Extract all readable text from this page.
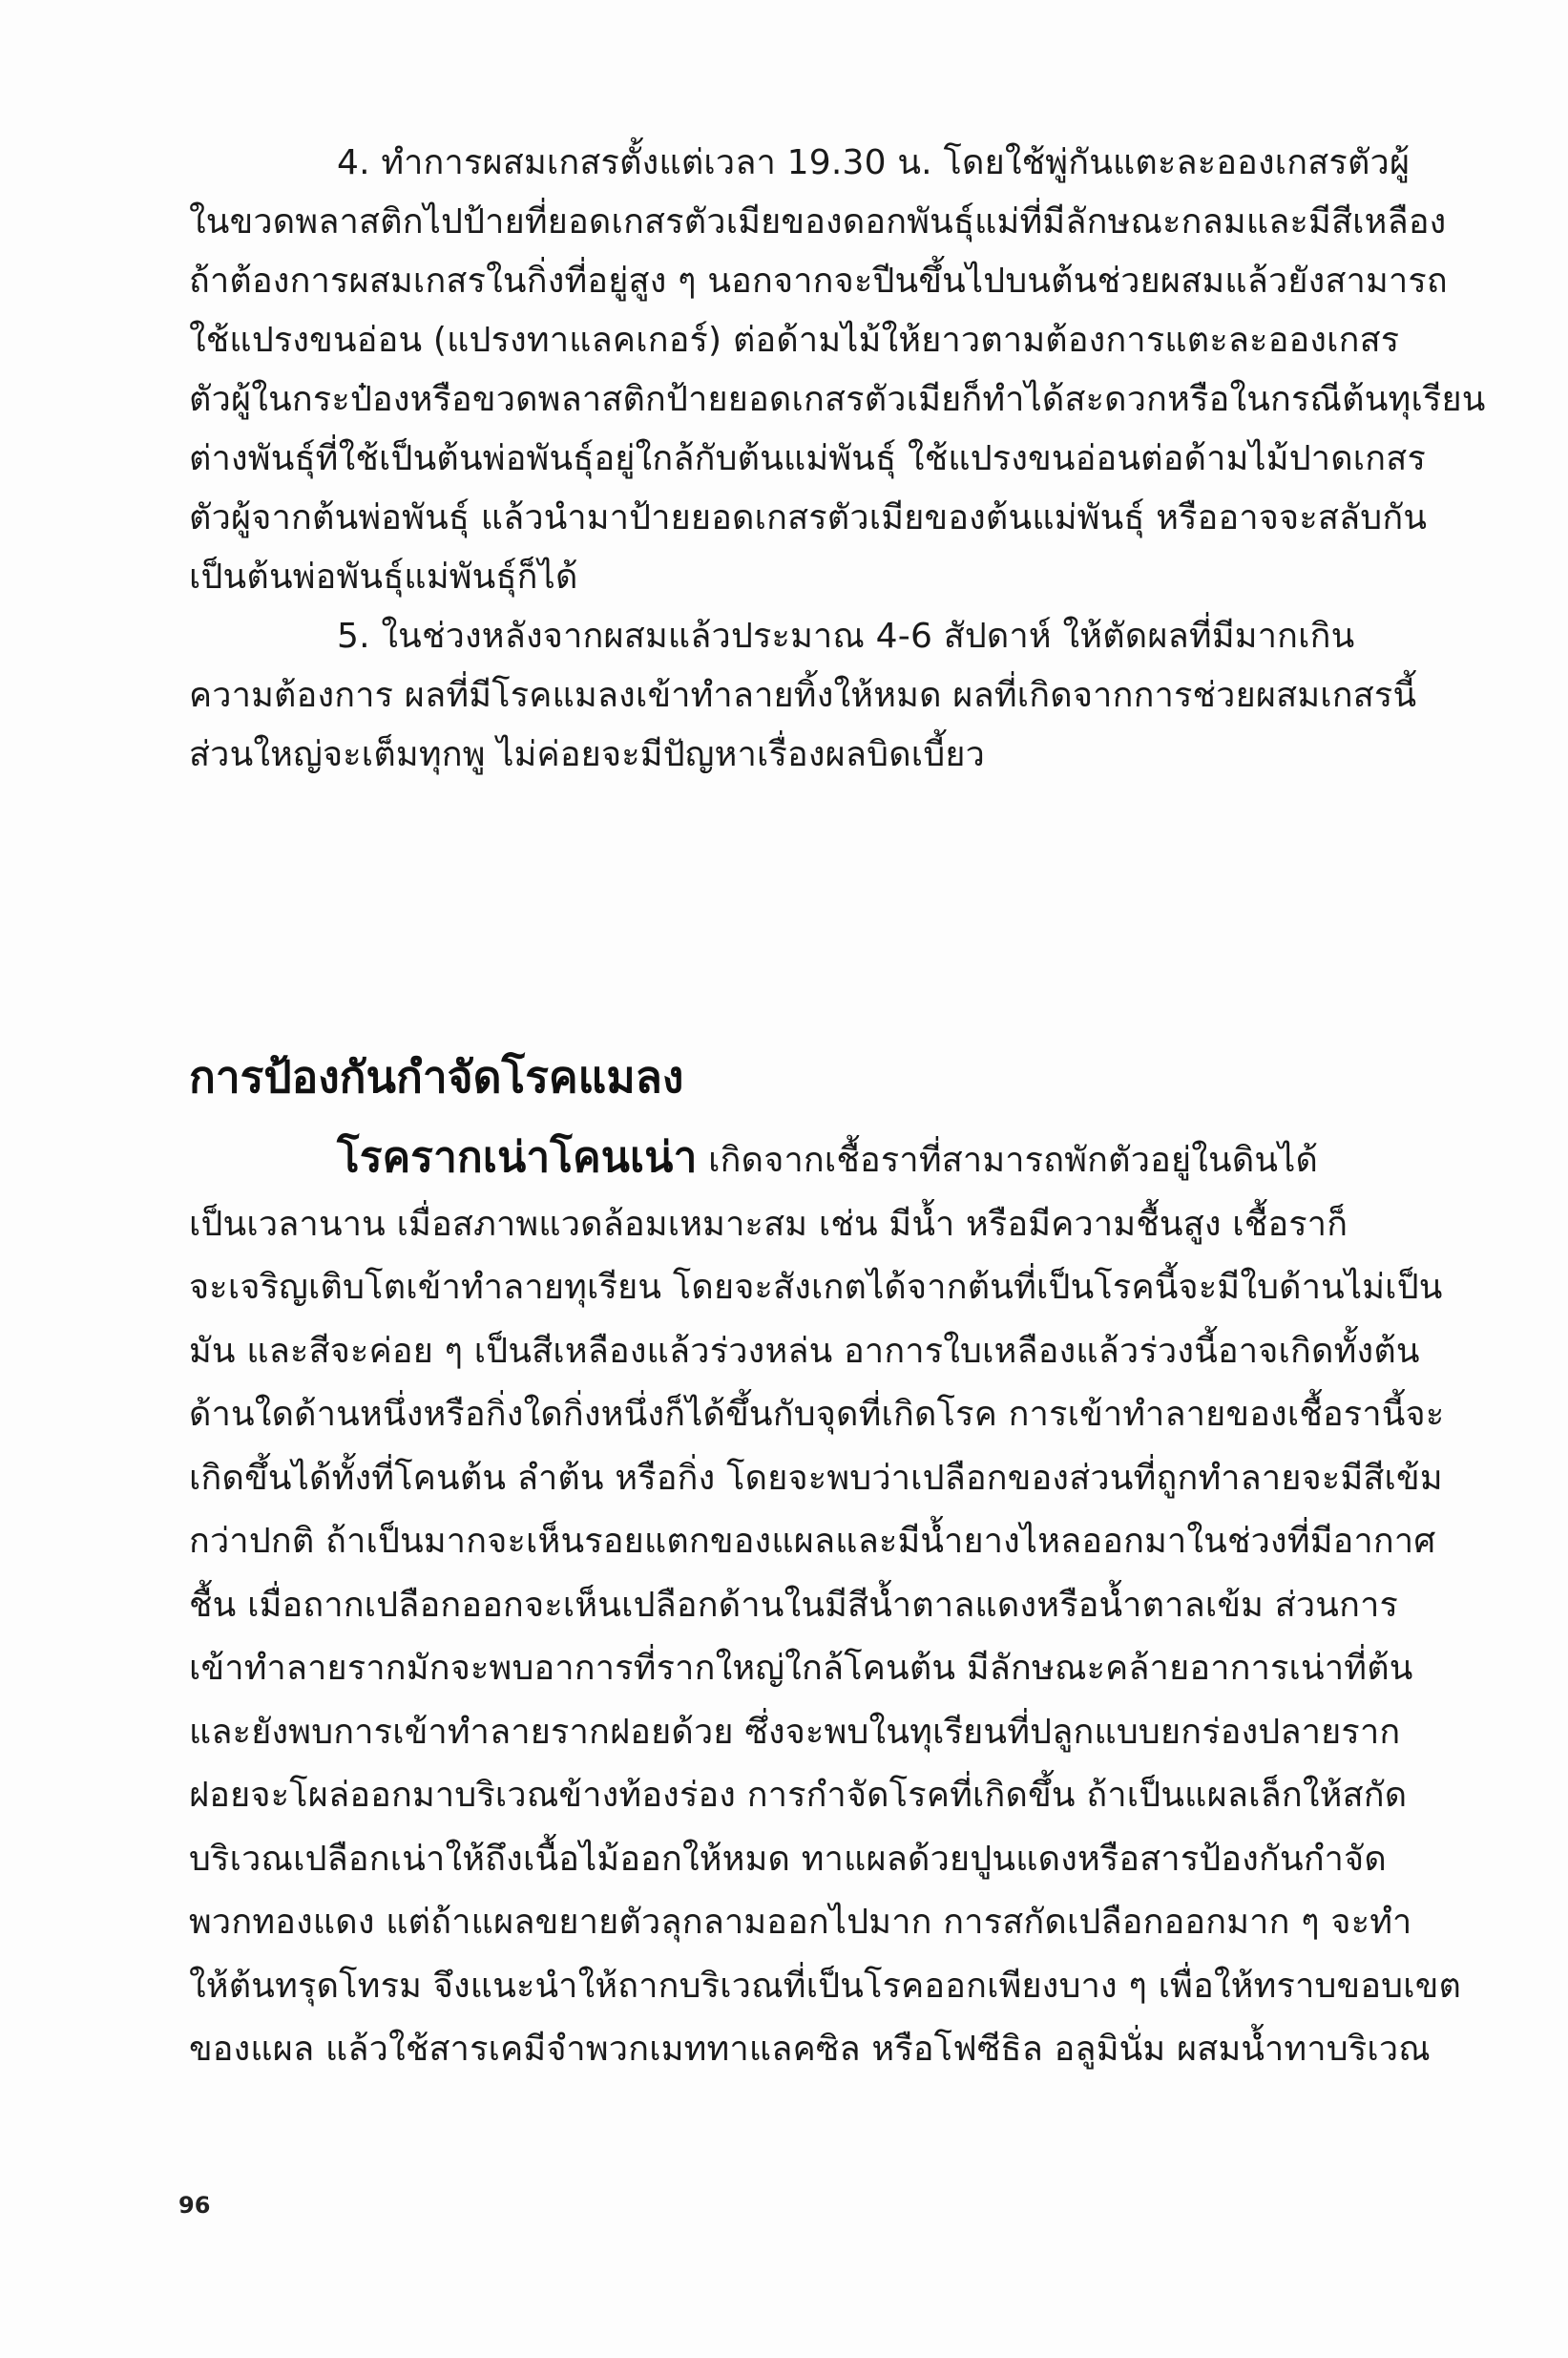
4. ทำการผสมเกสรตั้งแต่เวลา 19.30 น. โดยใช้พู่กันแตะละอองเกสรตัวผู้
ในขวดพลาสติกไปป้ายที่ยอดเกสรตัวเมียของดอกพันธุ์แม่ที่มีลักษณะกลมและมีสีเหลือง
ถ้าต้องการผสมเกสรในกิ่งที่อยู่สูง ๆ นอกจากจะปีนขึ้นไปบนต้นช่วยผสมแล้วยังสามารถ
ใช้แปรงขนอ่อน (แปรงทาแลคเกอร์) ต่อด้ามไม้ให้ยาวตามต้องการแตะละอองเกสร
ตัวผู้ในกระป๋องหรือขวดพลาสติกป้ายยอดเกสรตัวเมียก็ทำได้สะดวกหรือในกรณีต้นทุเรียน
ต่างพันธุ์ที่ใช้เป็นต้นพ่อพันธุ์อยู่ใกล้กับต้นแม่พันธุ์ ใช้แปรงขนอ่อนต่อด้ามไม้ปาดเกสร
ตัวผู้จากต้นพ่อพันธุ์ แล้วนำมาป้ายยอดเกสรตัวเมียของต้นแม่พันธุ์ หรืออาจจะสลับกัน
เป็นต้นพ่อพันธุ์แม่พันธุ์ก็ได้
5. ในช่วงหลังจากผสมแล้วประมาณ 4-6 สัปดาห์ ให้ตัดผลที่มีมากเกิน
ความต้องการ ผลที่มีโรคแมลงเข้าทำลายทิ้งให้หมด ผลที่เกิดจากการช่วยผสมเกสรนี้
ส่วนใหญ่จะเต็มทุกพู ไม่ค่อยจะมีปัญหาเรื่องผลบิดเบี้ยว
การป้องกันกำจัดโรคแมลง
โรครากเน่าโคนเน่า เกิดจากเชื้อราที่สามารถพักตัวอยู่ในดินได้
เป็นเวลานาน เมื่อสภาพแวดล้อมเหมาะสม เช่น มีน้ำ หรือมีความชื้นสูง เชื้อราก็
จะเจริญเติบโตเข้าทำลายทุเรียน โดยจะสังเกตได้จากต้นที่เป็นโรคนี้จะมีใบด้านไม่เป็น
มัน และสีจะค่อย ๆ เป็นสีเหลืองแล้วร่วงหล่น อาการใบเหลืองแล้วร่วงนี้อาจเกิดทั้งต้น
ด้านใดด้านหนึ่งหรือกิ่งใดกิ่งหนึ่งก็ได้ขึ้นกับจุดที่เกิดโรค การเข้าทำลายของเชื้อรานี้จะ
เกิดขึ้นได้ทั้งที่โคนต้น ลำต้น หรือกิ่ง โดยจะพบว่าเปลือกของส่วนที่ถูกทำลายจะมีสีเข้ม
กว่าปกติ ถ้าเป็นมากจะเห็นรอยแตกของแผลและมีน้ำยางไหลออกมาในช่วงที่มีอากาศ
ชื้น เมื่อถากเปลือกออกจะเห็นเปลือกด้านในมีสีน้ำตาลแดงหรือน้ำตาลเข้ม ส่วนการ
เข้าทำลายรากมักจะพบอาการที่รากใหญ่ใกล้โคนต้น มีลักษณะคล้ายอาการเน่าที่ต้น
และยังพบการเข้าทำลายรากฝอยด้วย ซึ่งจะพบในทุเรียนที่ปลูกแบบยกร่องปลายราก
ฝอยจะโผล่ออกมาบริเวณข้างท้องร่อง การกำจัดโรคที่เกิดขึ้น ถ้าเป็นแผลเล็กให้สกัด
บริเวณเปลือกเน่าให้ถึงเนื้อไม้ออกให้หมด ทาแผลด้วยปูนแดงหรือสารป้องกันกำจัด
พวกทองแดง แต่ถ้าแผลขยายตัวลุกลามออกไปมาก การสกัดเปลือกออกมาก ๆ จะทำ
ให้ต้นทรุดโทรม จึงแนะนำให้ถากบริเวณที่เป็นโรคออกเพียงบาง ๆ เพื่อให้ทราบขอบเขต
ของแผล แล้วใช้สารเคมีจำพวกเมททาแลคซิล หรือโฟซีธิล อลูมินั่ม ผสมน้ำทาบริเวณ
96
